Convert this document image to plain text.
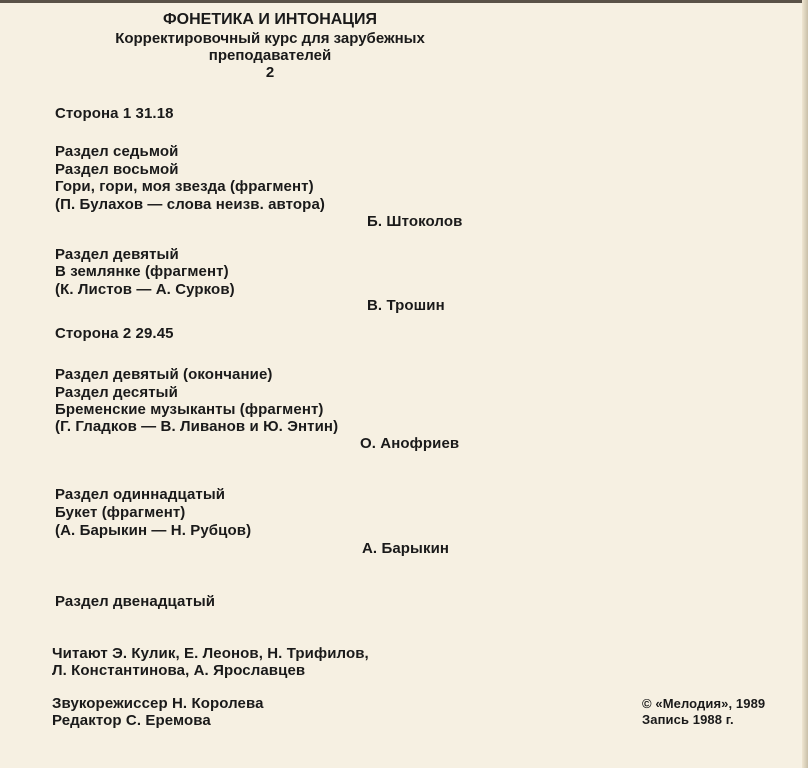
ФОНЕТИКА И ИНТОНАЦИЯ
Корректировочный курс для зарубежных
преподавателей
2
Сторона 1 31.18
Раздел седьмой
Раздел восьмой
Гори, гори, моя звезда (фрагмент)
(П. Булахов — слова неизв. автора)
Б. Штоколов
Раздел девятый
В землянке (фрагмент)
(К. Листов — А. Сурков)
В. Трошин
Сторона 2 29.45
Раздел девятый (окончание)
Раздел десятый
Бременские музыканты (фрагмент)
(Г. Гладков — В. Ливанов и Ю. Энтин)
О. Анофриев
Раздел одиннадцатый
Букет (фрагмент)
(А. Барыкин — Н. Рубцов)
А. Барыкин
Раздел двенадцатый
Читают Э. Кулик, Е. Леонов, Н. Трифилов,
Л. Константинова, А. Ярославцев
Звукорежиссер Н. Королева
Редактор С. Еремова
© «Мелодия», 1989
Запись 1988 г.
